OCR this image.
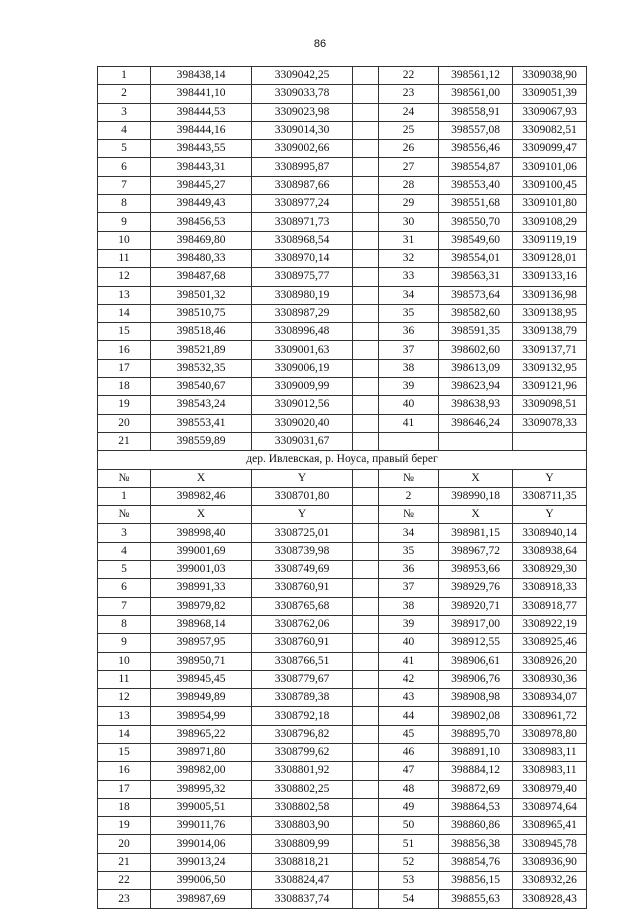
86
1	398438,14	3309042,25		22	398561,12	3309038,90
2	398441,10	3309033,78		23	398561,00	3309051,39
3	398444,53	3309023,98		24	398558,91	3309067,93
4	398444,16	3309014,30		25	398557,08	3309082,51
5	398443,55	3309002,66		26	398556,46	3309099,47
6	398443,31	3308995,87		27	398554,87	3309101,06
7	398445,27	3308987,66		28	398553,40	3309100,45
8	398449,43	3308977,24		29	398551,68	3309101,80
9	398456,53	3308971,73		30	398550,70	3309108,29
10	398469,80	3308968,54		31	398549,60	3309119,19
11	398480,33	3308970,14		32	398554,01	3309128,01
12	398487,68	3308975,77		33	398563,31	3309133,16
13	398501,32	3308980,19		34	398573,64	3309136,98
14	398510,75	3308987,29		35	398582,60	3309138,95
15	398518,46	3308996,48		36	398591,35	3309138,79
16	398521,89	3309001,63		37	398602,60	3309137,71
17	398532,35	3309006,19		38	398613,09	3309132,95
18	398540,67	3309009,99		39	398623,94	3309121,96
19	398543,24	3309012,56		40	398638,93	3309098,51
20	398553,41	3309020,40		41	398646,24	3309078,33
21	398559,89	3309031,67				
дер. Ивлевская, р. Ноуса, правый берег						
№	X	Y		№	X	Y
1	398982,46	3308701,80		2	398990,18	3308711,35
№	X	Y		№	X	Y
3	398998,40	3308725,01		34	398981,15	3308940,14
4	399001,69	3308739,98		35	398967,72	3308938,64
5	399001,03	3308749,69		36	398953,66	3308929,30
6	398991,33	3308760,91		37	398929,76	3308918,33
7	398979,82	3308765,68		38	398920,71	3308918,77
8	398968,14	3308762,06		39	398917,00	3308922,19
9	398957,95	3308760,91		40	398912,55	3308925,46
10	398950,71	3308766,51		41	398906,61	3308926,20
11	398945,45	3308779,67		42	398906,76	3308930,36
12	398949,89	3308789,38		43	398908,98	3308934,07
13	398954,99	3308792,18		44	398902,08	3308961,72
14	398965,22	3308796,82		45	398895,70	3308978,80
15	398971,80	3308799,62		46	398891,10	3308983,11
16	398982,00	3308801,92		47	398884,12	3308983,11
17	398995,32	3308802,25		48	398872,69	3308979,40
18	399005,51	3308802,58		49	398864,53	3308974,64
19	399011,76	3308803,90		50	398860,86	3308965,41
20	399014,06	3308809,99		51	398856,38	3308945,78
21	399013,24	3308818,21		52	398854,76	3308936,90
22	399006,50	3308824,47		53	398856,15	3308932,26
23	398987,69	3308837,74		54	398855,63	3308928,43
